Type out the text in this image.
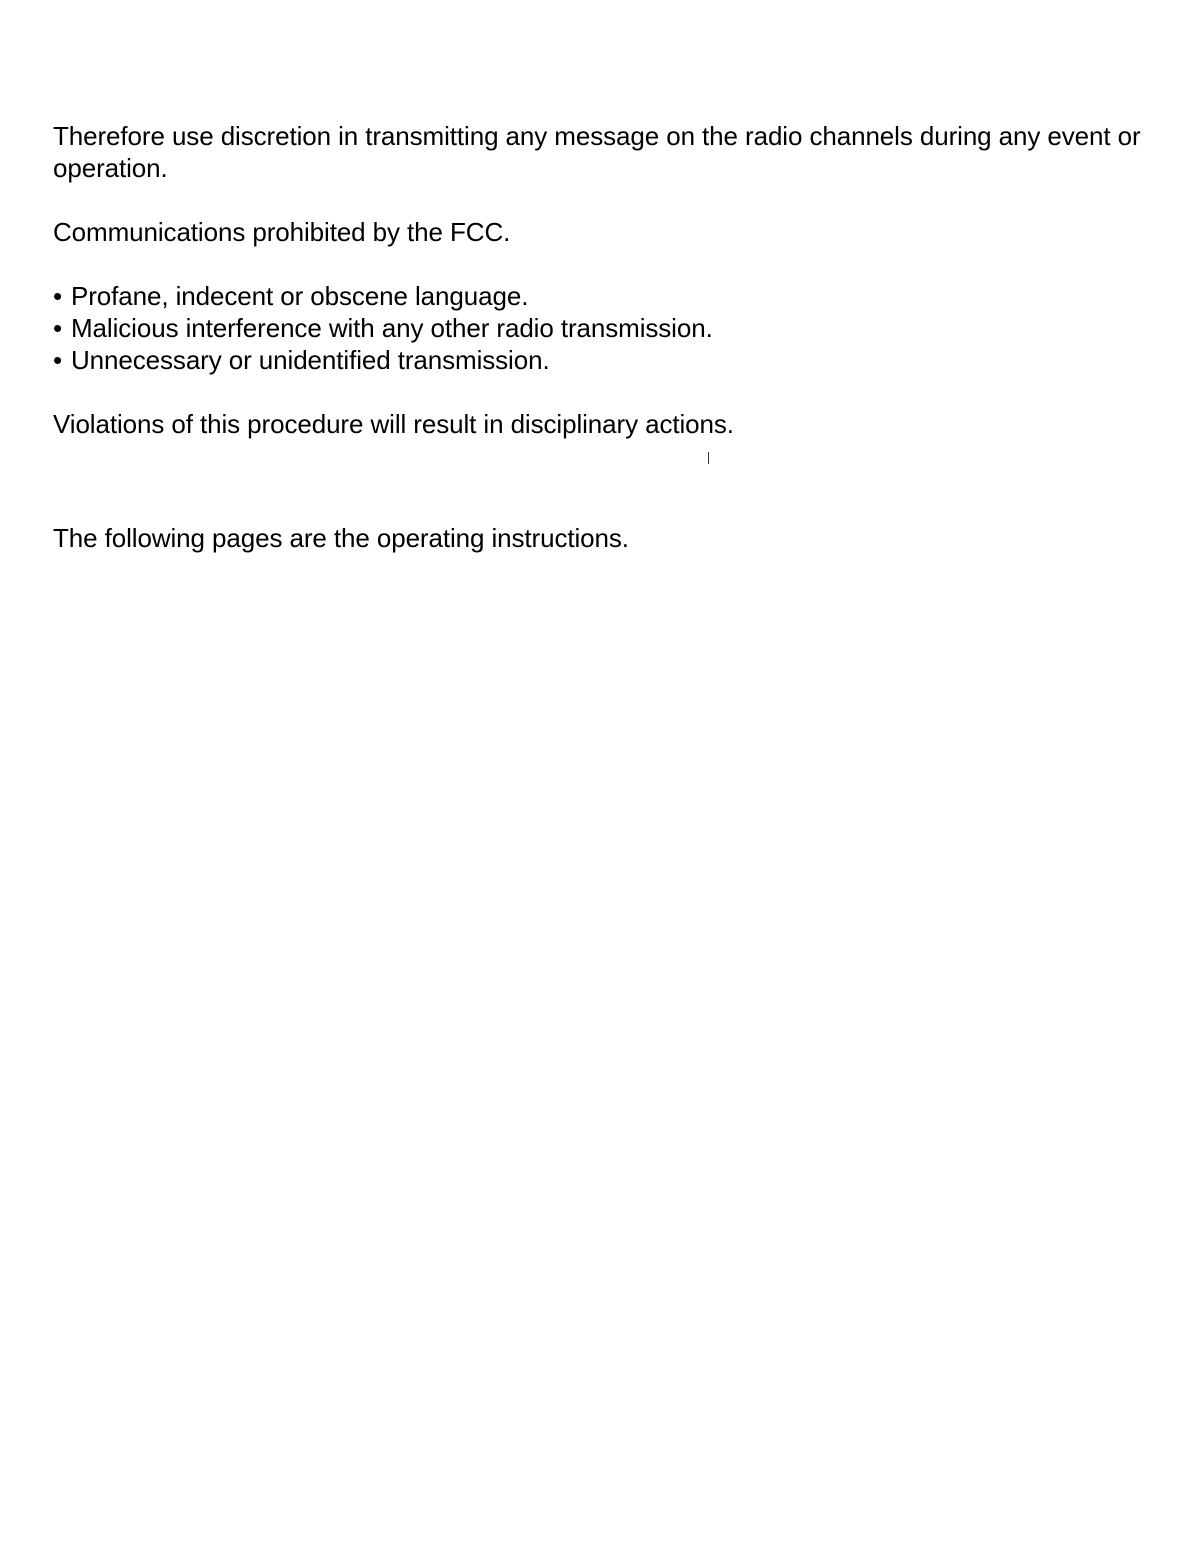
Therefore use discretion in transmitting any message on the radio channels during any event or operation.

Communications prohibited by the FCC.

• Profane, indecent or obscene language.
• Malicious interference with any other radio transmission.
• Unnecessary or unidentified transmission.

Violations of this procedure will result in disciplinary actions.

The following pages are the operating instructions.
